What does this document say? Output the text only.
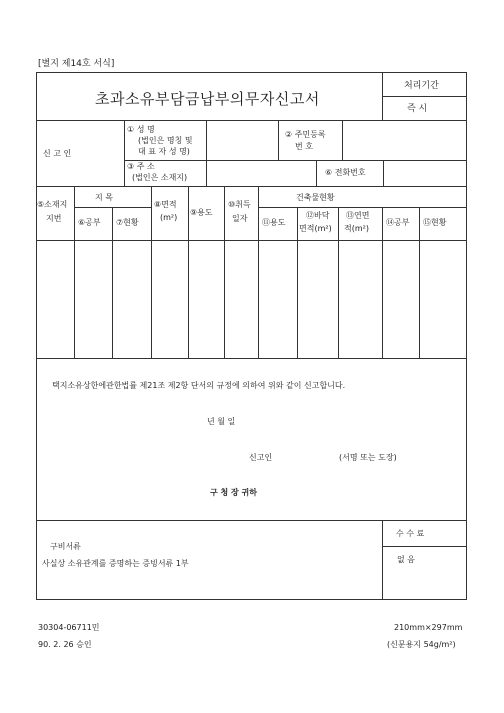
[별지 제14호 서식]
초과소유부담금납부의무자신고서
처리기간
즉 시
신 고 인
① 성 명
(법인은 명칭 및
대 표 자 성 명)
② 주민등록
번 호
③ 주 소
(법인은 소재지)
⑥ 전화번호
⑤소재지
지번
지 목
⑥공부 ⑦현황
⑧면적
(m²)
⑨용도
⑩취득
일자
건축물현황
⑪용도
⑫바닥
면적(m²)
⑬연면
적(m²)
⑭공부 ⑮현황
택지소유상한에관한법률 제21조 제2항 단서의 규정에 의하여 위와 같이 신고합니다.
년 월 일
신고인	(서명 또는 도장)
구 청 장 귀하
구비서류
사실상 소유관계를 증명하는 증빙서류 1부
수 수 료
없 음
30304-06711민
90. 2. 26 승인
210mm×297mm
(신문용지 54g/m²)
